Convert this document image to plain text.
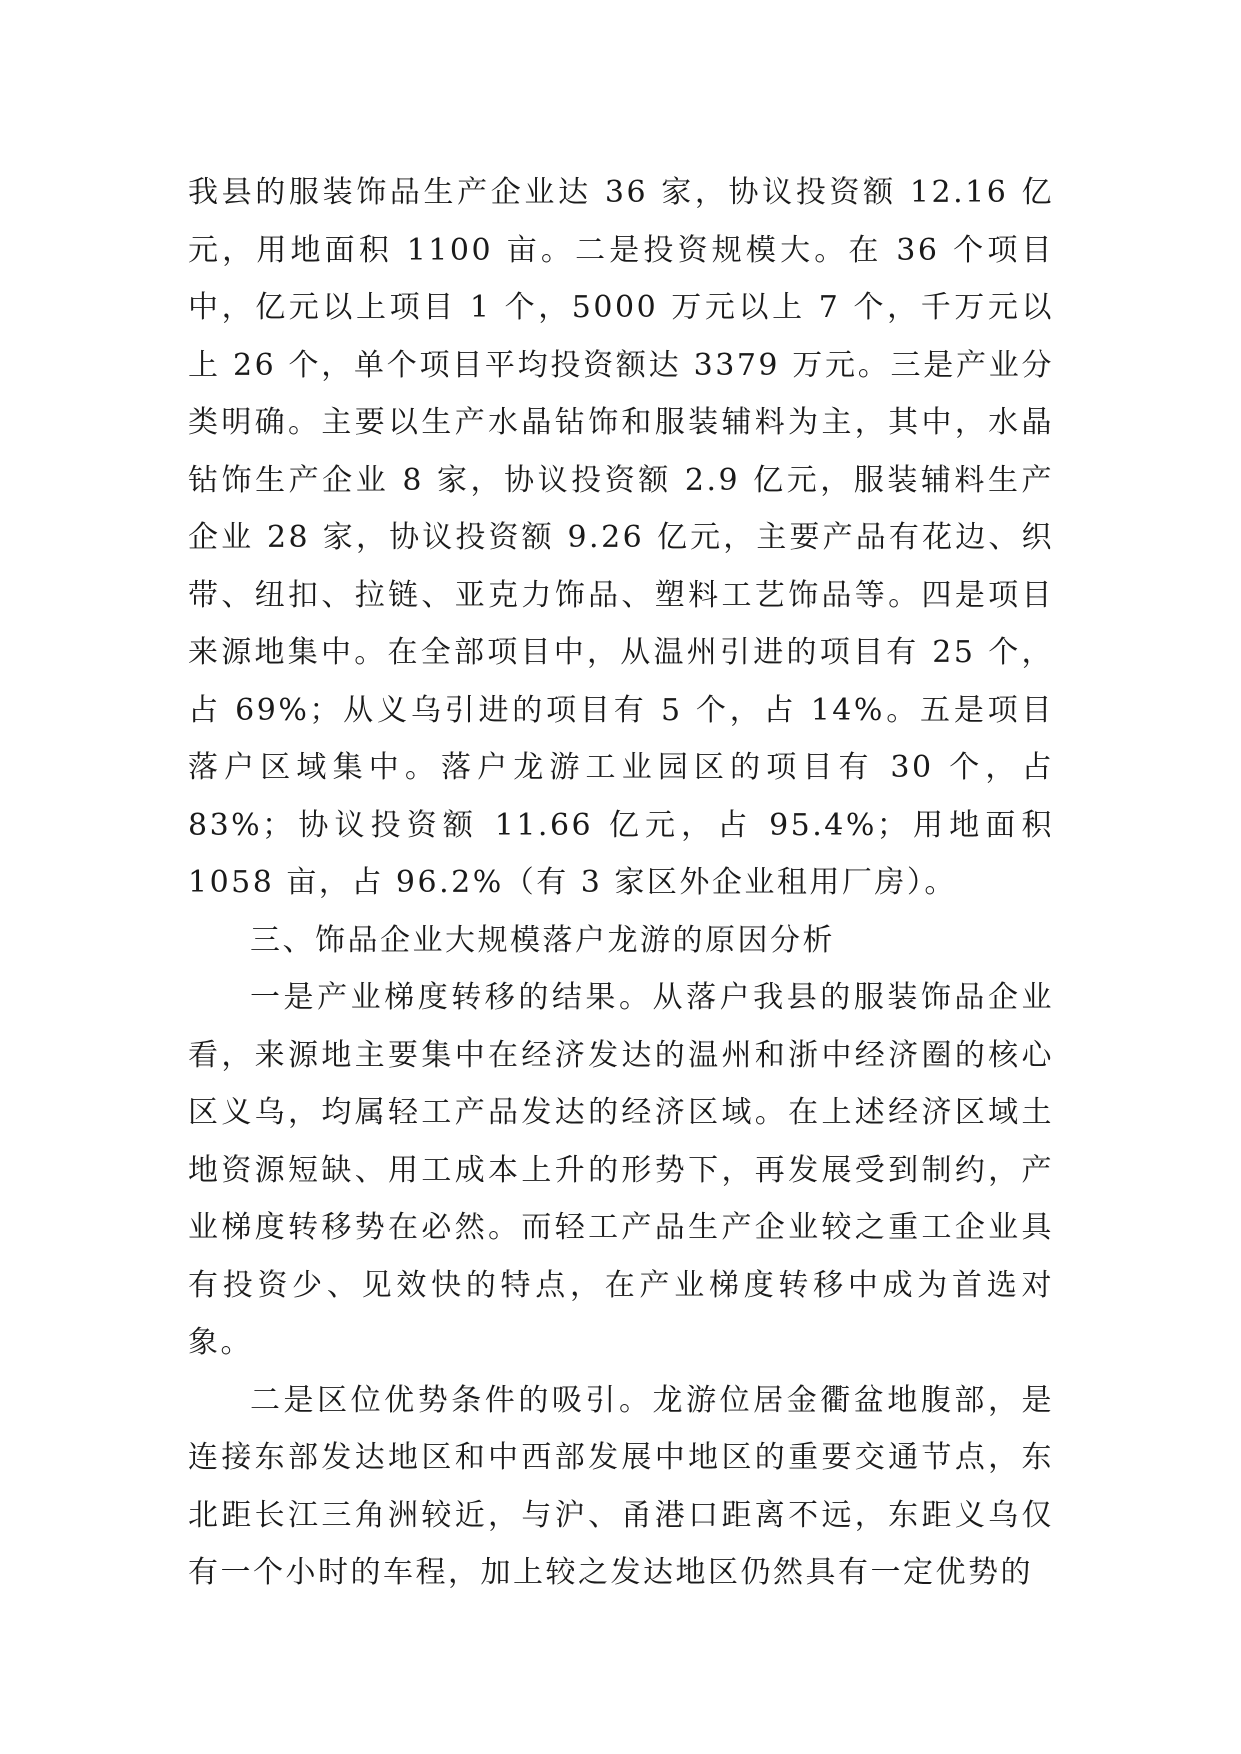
我县的服装饰品生产企业达 36 家，协议投资额 12.16 亿元，用地面积 1100 亩。二是投资规模大。在 36 个项目中，亿元以上项目 1 个，5000 万元以上 7 个，千万元以上 26 个，单个项目平均投资额达 3379 万元。三是产业分类明确。主要以生产水晶钻饰和服装辅料为主，其中，水晶钻饰生产企业 8 家，协议投资额 2.9 亿元，服装辅料生产企业 28 家，协议投资额 9.26 亿元，主要产品有花边、织带、纽扣、拉链、亚克力饰品、塑料工艺饰品等。四是项目来源地集中。在全部项目中，从温州引进的项目有 25 个，占 69%；从义乌引进的项目有 5 个，占 14%。五是项目落户区域集中。落户龙游工业园区的项目有 30 个，占 83%；协议投资额 11.66 亿元，占 95.4%；用地面积 1058 亩，占 96.2%（有 3 家区外企业租用厂房）。

三、饰品企业大规模落户龙游的原因分析

一是产业梯度转移的结果。从落户我县的服装饰品企业看，来源地主要集中在经济发达的温州和浙中经济圈的核心区义乌，均属轻工产品发达的经济区域。在上述经济区域土地资源短缺、用工成本上升的形势下，再发展受到制约，产业梯度转移势在必然。而轻工产品生产企业较之重工企业具有投资少、见效快的特点，在产业梯度转移中成为首选对象。

二是区位优势条件的吸引。龙游位居金衢盆地腹部，是连接东部发达地区和中西部发展中地区的重要交通节点，东北距长江三角洲较近，与沪、甬港口距离不远，东距义乌仅有一个小时的车程，加上较之发达地区仍然具有一定优势的
